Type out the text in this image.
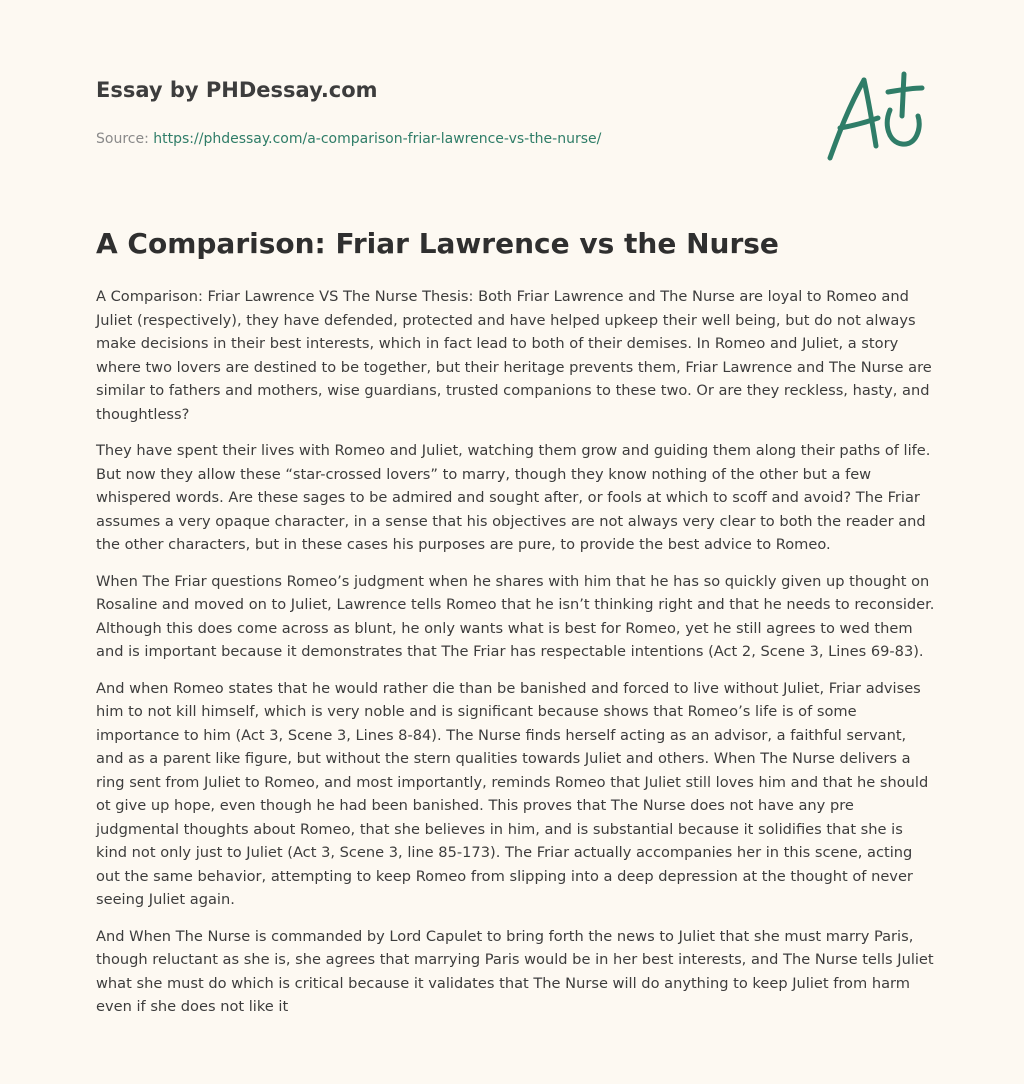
Essay by PHDessay.com
Source: https://phdessay.com/a-comparison-friar-lawrence-vs-the-nurse/
A Comparison: Friar Lawrence vs the Nurse

A Comparison: Friar Lawrence VS The Nurse Thesis: Both Friar Lawrence and The Nurse are loyal to Romeo and Juliet (respectively), they have defended, protected and have helped upkeep their well being, but do not always make decisions in their best interests, which in fact lead to both of their demises. In Romeo and Juliet, a story where two lovers are destined to be together, but their heritage prevents them, Friar Lawrence and The Nurse are similar to fathers and mothers, wise guardians, trusted companions to these two. Or are they reckless, hasty, and thoughtless?

They have spent their lives with Romeo and Juliet, watching them grow and guiding them along their paths of life. But now they allow these “star-crossed lovers” to marry, though they know nothing of the other but a few whispered words. Are these sages to be admired and sought after, or fools at which to scoff and avoid? The Friar assumes a very opaque character, in a sense that his objectives are not always very clear to both the reader and the other characters, but in these cases his purposes are pure, to provide the best advice to Romeo.

When The Friar questions Romeo’s judgment when he shares with him that he has so quickly given up thought on Rosaline and moved on to Juliet, Lawrence tells Romeo that he isn’t thinking right and that he needs to reconsider. Although this does come across as blunt, he only wants what is best for Romeo, yet he still agrees to wed them and is important because it demonstrates that The Friar has respectable intentions (Act 2, Scene 3, Lines 69-83).

And when Romeo states that he would rather die than be banished and forced to live without Juliet, Friar advises him to not kill himself, which is very noble and is significant because shows that Romeo’s life is of some importance to him (Act 3, Scene 3, Lines 8-84). The Nurse finds herself acting as an advisor, a faithful servant, and as a parent like figure, but without the stern qualities towards Juliet and others. When The Nurse delivers a ring sent from Juliet to Romeo, and most importantly, reminds Romeo that Juliet still loves him and that he should ot give up hope, even though he had been banished. This proves that The Nurse does not have any pre judgmental thoughts about Romeo, that she believes in him, and is substantial because it solidifies that she is kind not only just to Juliet (Act 3, Scene 3, line 85-173). The Friar actually accompanies her in this scene, acting out the same behavior, attempting to keep Romeo from slipping into a deep depression at the thought of never seeing Juliet again.

And When The Nurse is commanded by Lord Capulet to bring forth the news to Juliet that she must marry Paris, though reluctant as she is, she agrees that marrying Paris would be in her best interests, and The Nurse tells Juliet what she must do which is critical because it validates that The Nurse will do anything to keep Juliet from harm even if she does not like it
